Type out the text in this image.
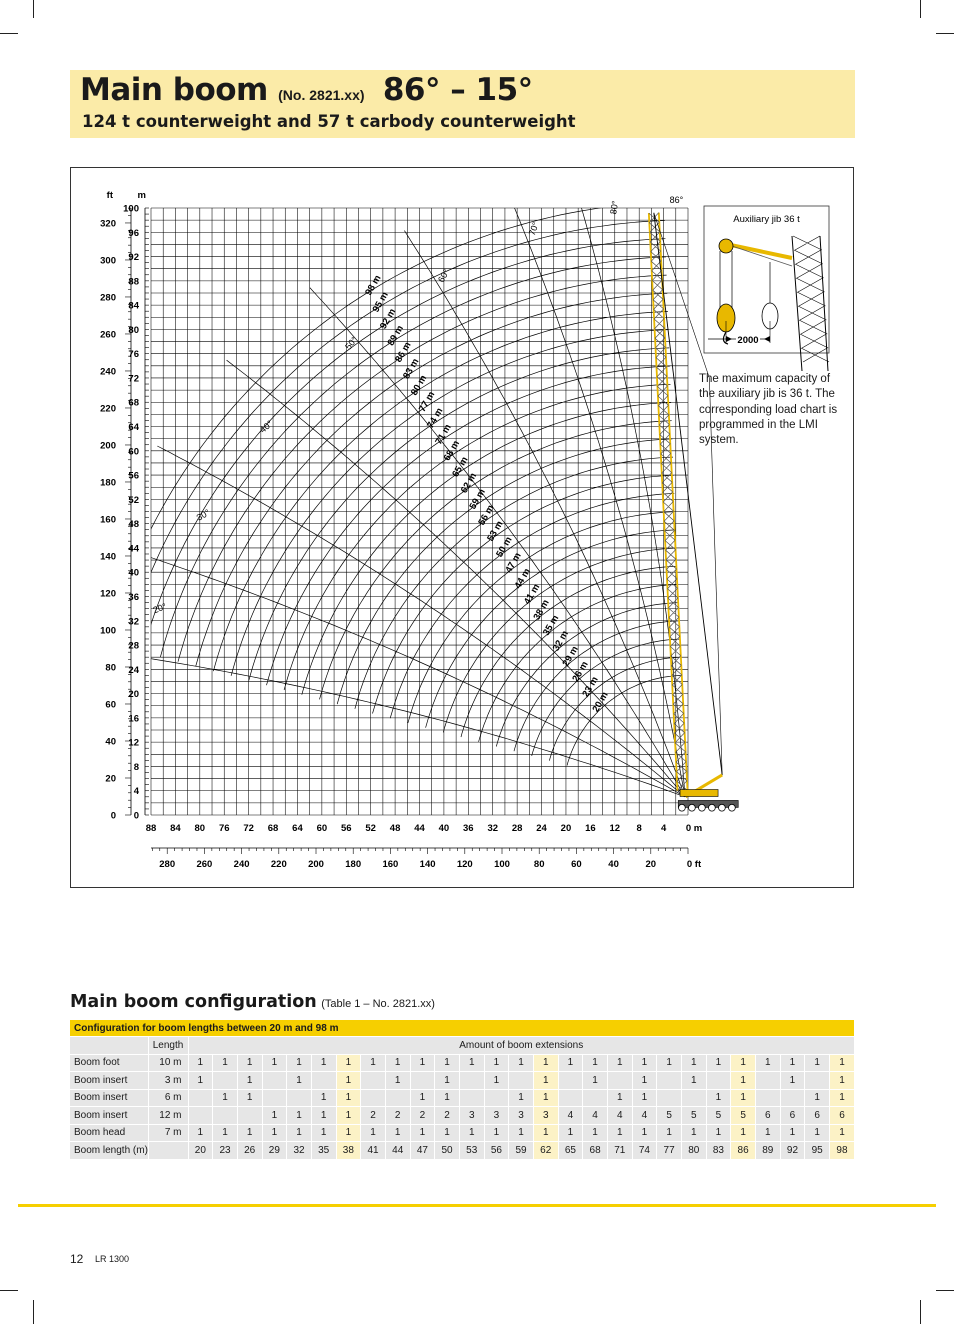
Main boom (No. 2821.xx) 86° – 15°
124 t counterweight and 57 t carbody counterweight
100
96
92
88
84
80
76
72
68
64
60
56
52
48
44
40
36
32
28
24
20
16
12
8
4
0
320
300
280
260
240
220
200
180
160
140
120
100
80
60
40
20
0
m
ft
88 84 80 76 72 68 64 60 56 52 48 44 40 36 32 28 24 20 16 12 8 4 0 m
280 260 240 220 200 180 160 140 120 100	80	60	40	20	0 ft
86°
80°
70°
60°
50°
40°
30°
20°
98 m
95 m
92 m
89 m
86 m
83 m
80 m
77 m
74 m
71 m
68 m
65 m
62 m
59 m
56 m
53 m
50 m
47 m
44 m
41 m
38 m
35 m
32 m
29 m
26 m
23 m
20 m
Auxiliary jib 36 t
2000
The maximum capacity of the auxiliary jib is 36 t. The corresponding load chart is programmed in the LMI system.
Main boom configuration (Table 1 – No. 2821.xx)
Configuration for boom lengths between 20 m and 98 m																												
	Length	Amount of boom extensions																										
Boom foot	10 m	1	1	1	1	1	1	1	1	1	1	1	1	1	1	1	1	1	1	1	1	1	1	1	1	1	1	1
Boom insert	3 m	1		1		1		1		1		1		1		1		1		1		1		1		1		1
Boom insert	6 m		1	1			1	1			1	1			1	1			1	1			1	1			1	1
Boom insert	12 m				1	1	1	1	2	2	2	2	3	3	3	3	4	4	4	4	5	5	5	5	6	6	6	6
Boom head	7 m	1	1	1	1	1	1	1	1	1	1	1	1	1	1	1	1	1	1	1	1	1	1	1	1	1	1	1
Boom length (m)		20	23	26	29	32	35	38	41	44	47	50	53	56	59	62	65	68	71	74	77	80	83	86	89	92	95	98
12 LR 1300
